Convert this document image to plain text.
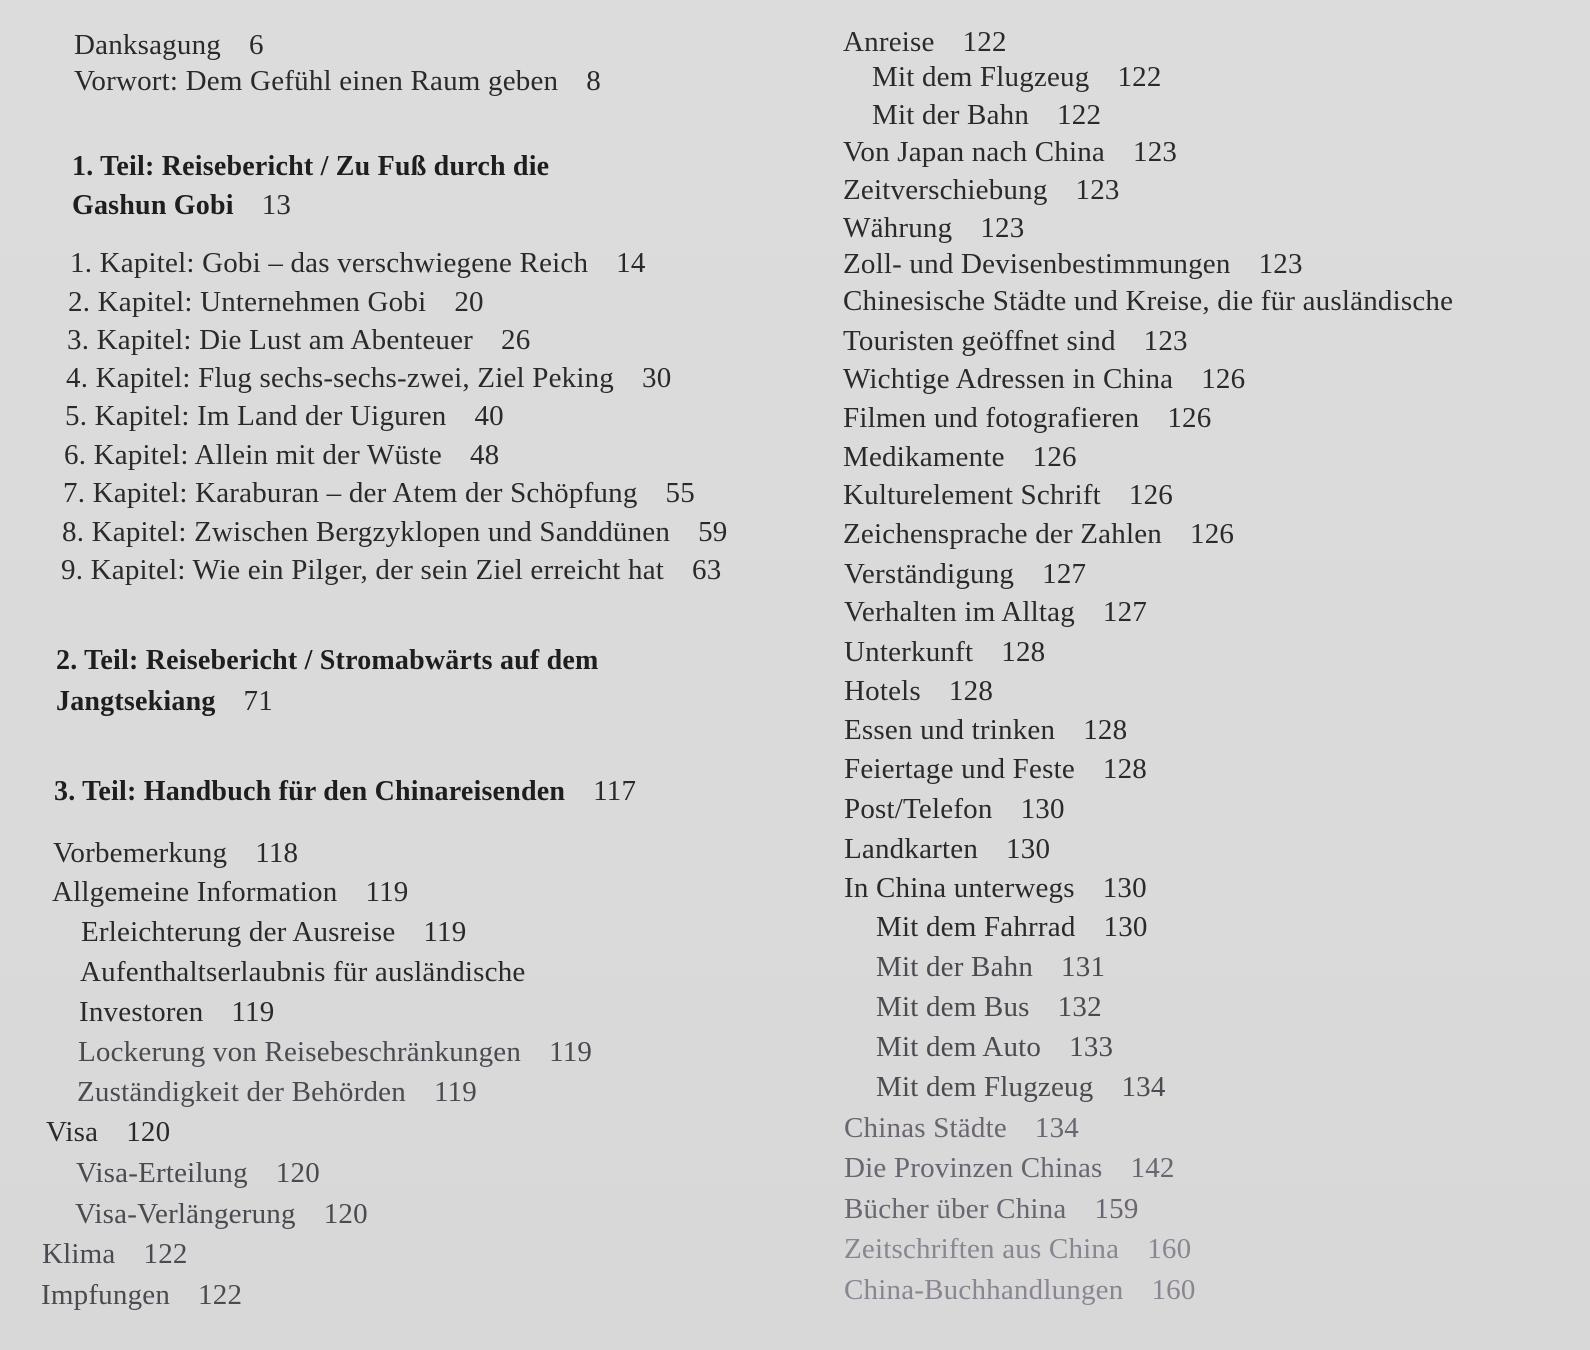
Danksagung 6
Vorwort: Dem Gefühl einen Raum geben 8
1. Teil: Reisebericht / Zu Fuß durch die
Gashun Gobi 13
1. Kapitel: Gobi – das verschwiegene Reich 14
2. Kapitel: Unternehmen Gobi 20
3. Kapitel: Die Lust am Abenteuer 26
4. Kapitel: Flug sechs-sechs-zwei, Ziel Peking 30
5. Kapitel: Im Land der Uiguren 40
6. Kapitel: Allein mit der Wüste 48
7. Kapitel: Karaburan – der Atem der Schöpfung 55
8. Kapitel: Zwischen Bergzyklopen und Sanddünen 59
9. Kapitel: Wie ein Pilger, der sein Ziel erreicht hat 63
2. Teil: Reisebericht / Stromabwärts auf dem
Jangtsekiang 71
3. Teil: Handbuch für den Chinareisenden 117
Vorbemerkung 118
Allgemeine Information 119
Erleichterung der Ausreise 119
Aufenthaltserlaubnis für ausländische
Investoren 119
Lockerung von Reisebeschränkungen 119
Zuständigkeit der Behörden 119
Visa 120
Visa-Erteilung 120
Visa-Verlängerung 120
Klima 122
Impfungen 122
Anreise 122
Mit dem Flugzeug 122
Mit der Bahn 122
Von Japan nach China 123
Zeitverschiebung 123
Währung 123
Zoll- und Devisenbestimmungen 123
Chinesische Städte und Kreise, die für ausländische
Touristen geöffnet sind 123
Wichtige Adressen in China 126
Filmen und fotografieren 126
Medikamente 126
Kulturelement Schrift 126
Zeichensprache der Zahlen 126
Verständigung 127
Verhalten im Alltag 127
Unterkunft 128
Hotels 128
Essen und trinken 128
Feiertage und Feste 128
Post/Telefon 130
Landkarten 130
In China unterwegs 130
Mit dem Fahrrad 130
Mit der Bahn 131
Mit dem Bus 132
Mit dem Auto 133
Mit dem Flugzeug 134
Chinas Städte 134
Die Provinzen Chinas 142
Bücher über China 159
Zeitschriften aus China 160
China-Buchhandlungen 160
